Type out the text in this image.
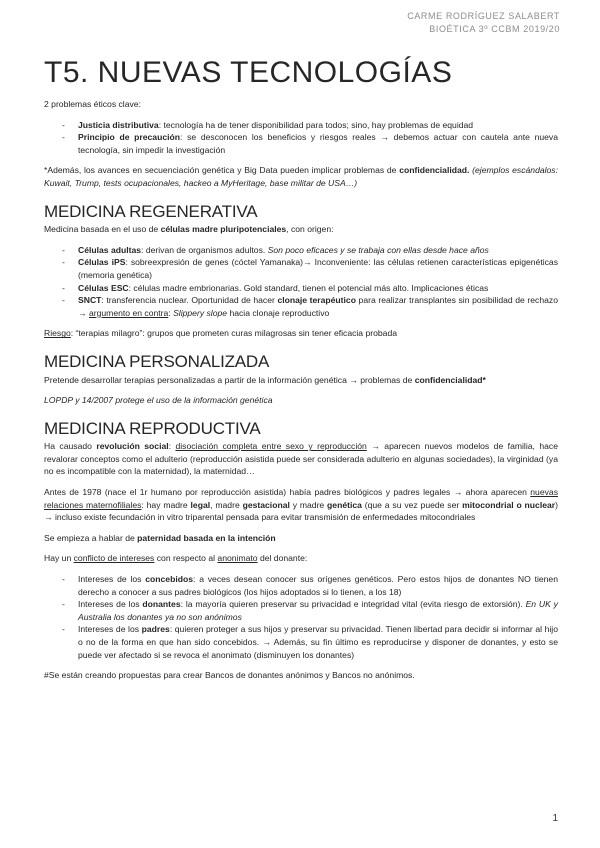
CARME RODRÍGUEZ SALABERT
BIOÉTICA 3º CCBM 2019/20
T5. NUEVAS TECNOLOGÍAS

2 problemas éticos clave:

- Justicia distributiva: tecnología ha de tener disponibilidad para todos; sino, hay problemas de equidad
- Principio de precaución: se desconocen los beneficios y riesgos reales → debemos actuar con cautela ante nueva tecnología, sin impedir la investigación

*Además, los avances en secuenciación genética y Big Data pueden implicar problemas de confidencialidad. (ejemplos escándalos: Kuwait, Trump, tests ocupacionales, hackeo a MyHeritage, base militar de USA…)

MEDICINA REGENERATIVA

Medicina basada en el uso de células madre pluripotenciales, con origen:

- Células adultas: derivan de organismos adultos. Son poco eficaces y se trabaja con ellas desde hace años
- Células iPS: sobreexpresión de genes (cóctel Yamanaka)→ Inconveniente: las células retienen características epigenéticas (memoria genética)
- Células ESC: células madre embrionarias. Gold standard, tienen el potencial más alto. Implicaciones éticas
- SNCT: transferencia nuclear. Oportunidad de hacer clonaje terapéutico para realizar transplantes sin posibilidad de rechazo → argumento en contra: Slippery slope hacia clonaje reproductivo

Riesgo: “terapias milagro”: grupos que prometen curas milagrosas sin tener eficacia probada

MEDICINA PERSONALIZADA

Pretende desarrollar terapias personalizadas a partir de la información genética → problemas de confidencialidad*

LOPDP y 14/2007 protege el uso de la información genética

MEDICINA REPRODUCTIVA

Ha causado revolución social: disociación completa entre sexo y reproducción → aparecen nuevos modelos de familia, hace revalorar conceptos como el adulterio (reproducción asistida puede ser considerada adulterio en algunas sociedades), la virginidad (ya no es incompatible con la maternidad), la maternidad…

Antes de 1978 (nace el 1r humano por reproducción asistida) había padres biológicos y padres legales → ahora aparecen nuevas relaciones maternofiliales: hay madre legal, madre gestacional y madre genética (que a su vez puede ser mitocondrial o nuclear) → incluso existe fecundación in vitro triparental pensada para evitar transmisión de enfermedades mitocondriales

Se empieza a hablar de paternidad basada en la intención

Hay un conflicto de intereses con respecto al anonimato del donante:

- Intereses de los concebidos: a veces desean conocer sus orígenes genéticos. Pero estos hijos de donantes NO tienen derecho a conocer a sus padres biológicos (los hijos adoptados si lo tienen, a los 18)
- Intereses de los donantes: la mayoría quieren preservar su privacidad e integridad vital (evita riesgo de extorsión). En UK y Australia los donantes ya no son anónimos
- Intereses de los padres: quieren proteger a sus hijos y preservar su privacidad. Tienen libertad para decidir si informar al hijo o no de la forma en que han sido concebidos. → Además, su fin último es reproducirse y disponer de donantes, y esto se puede ver afectado si se revoca el anonimato (disminuyen los donantes)

#Se están creando propuestas para crear Bancos de donantes anónimos y Bancos no anónimos.

1
